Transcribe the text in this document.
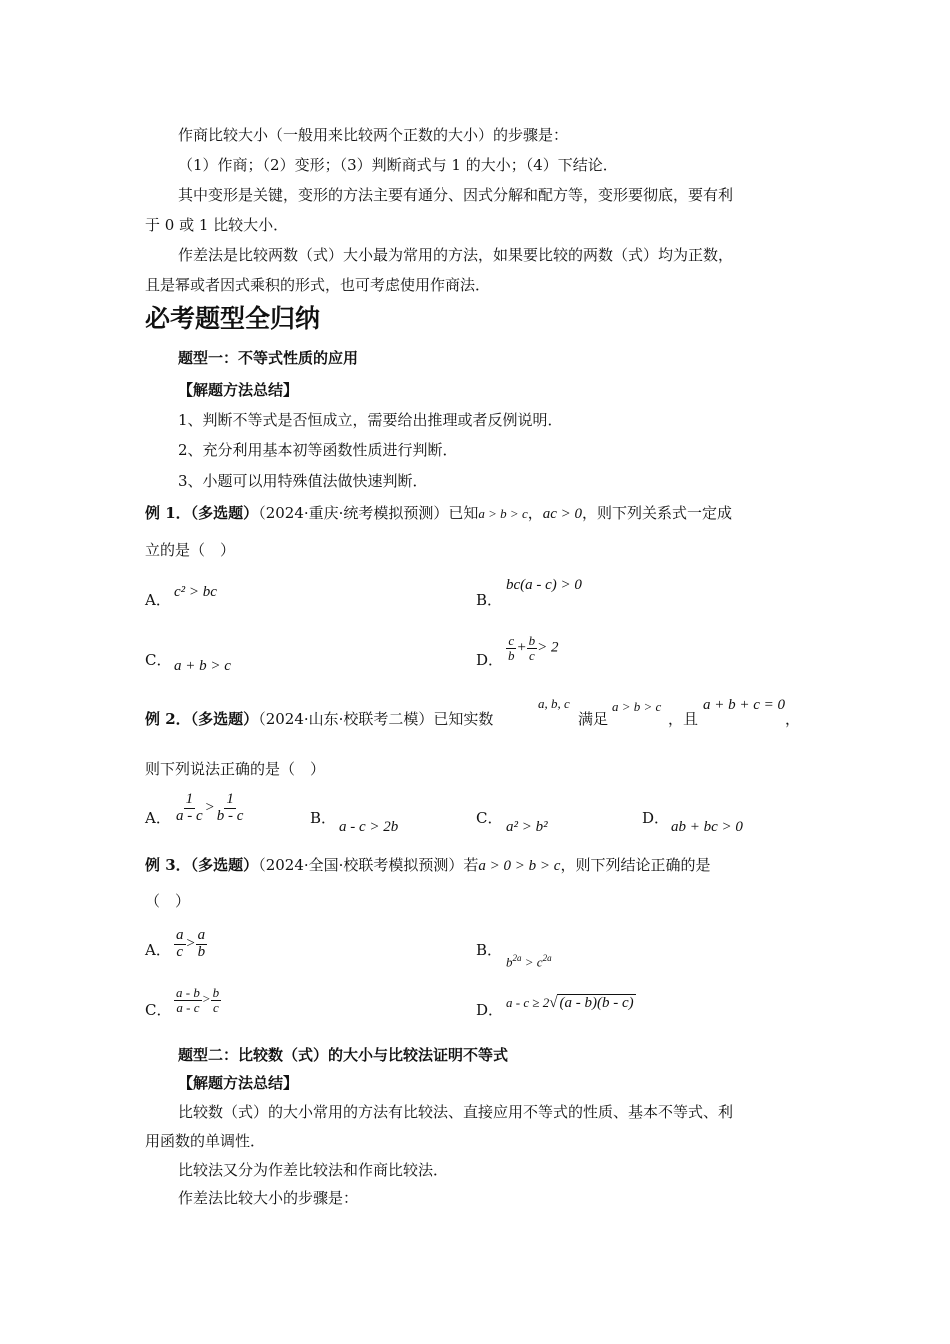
作商比较大小（一般用来比较两个正数的大小）的步骤是：
（1）作商；（2）变形；（3）判断商式与 1 的大小；（4）下结论．
其中变形是关键，变形的方法主要有通分、因式分解和配方等，变形要彻底，要有利
于 0 或 1 比较大小．
作差法是比较两数（式）大小最为常用的方法，如果要比较的两数（式）均为正数，
且是幂或者因式乘积的形式，也可考虑使用作商法．
必考题型全归纳
题型一：不等式性质的应用
【解题方法总结】
1、判断不等式是否恒成立，需要给出推理或者反例说明．
2、充分利用基本初等函数性质进行判断．
3、小题可以用特殊值法做快速判断．
例 1．（多选题）（2024·重庆·统考模拟预测）已知a > b > c，ac > 0，则下列关系式一定成
立的是（　）
A． c² > bc	B．
bc(a - c) > 0
C． a + b > c	D． $\frac{c}{b} + \frac{b}{c} > 2$
例 2．（多选题）（2024·山东·校联考二模）已知实数
a, b, c
满足
a > b > c
，且
a + b + c = 0
，
则下列说法正确的是（　）
A． $\frac{1}{a - c} > \frac{1}{b - c}$	B． a - c > 2b	C． a² > b²	D． ab + bc > 0
例 3．（多选题）（2024·全国·校联考模拟预测）若a > 0 > b > c，则下列结论正确的是
（　）
A． $\frac{a}{c} > \frac{a}{b}$	B．
$b^{2a} > c^{2a}$
C． $\frac{a - b}{a - c} > \frac{b}{c}$	D． a - c ≥ 2√ (a - b)(b - c)
题型二：比较数（式）的大小与比较法证明不等式
【解题方法总结】
比较数（式）的大小常用的方法有比较法、直接应用不等式的性质、基本不等式、利
用函数的单调性．
比较法又分为作差比较法和作商比较法．
作差法比较大小的步骤是：
